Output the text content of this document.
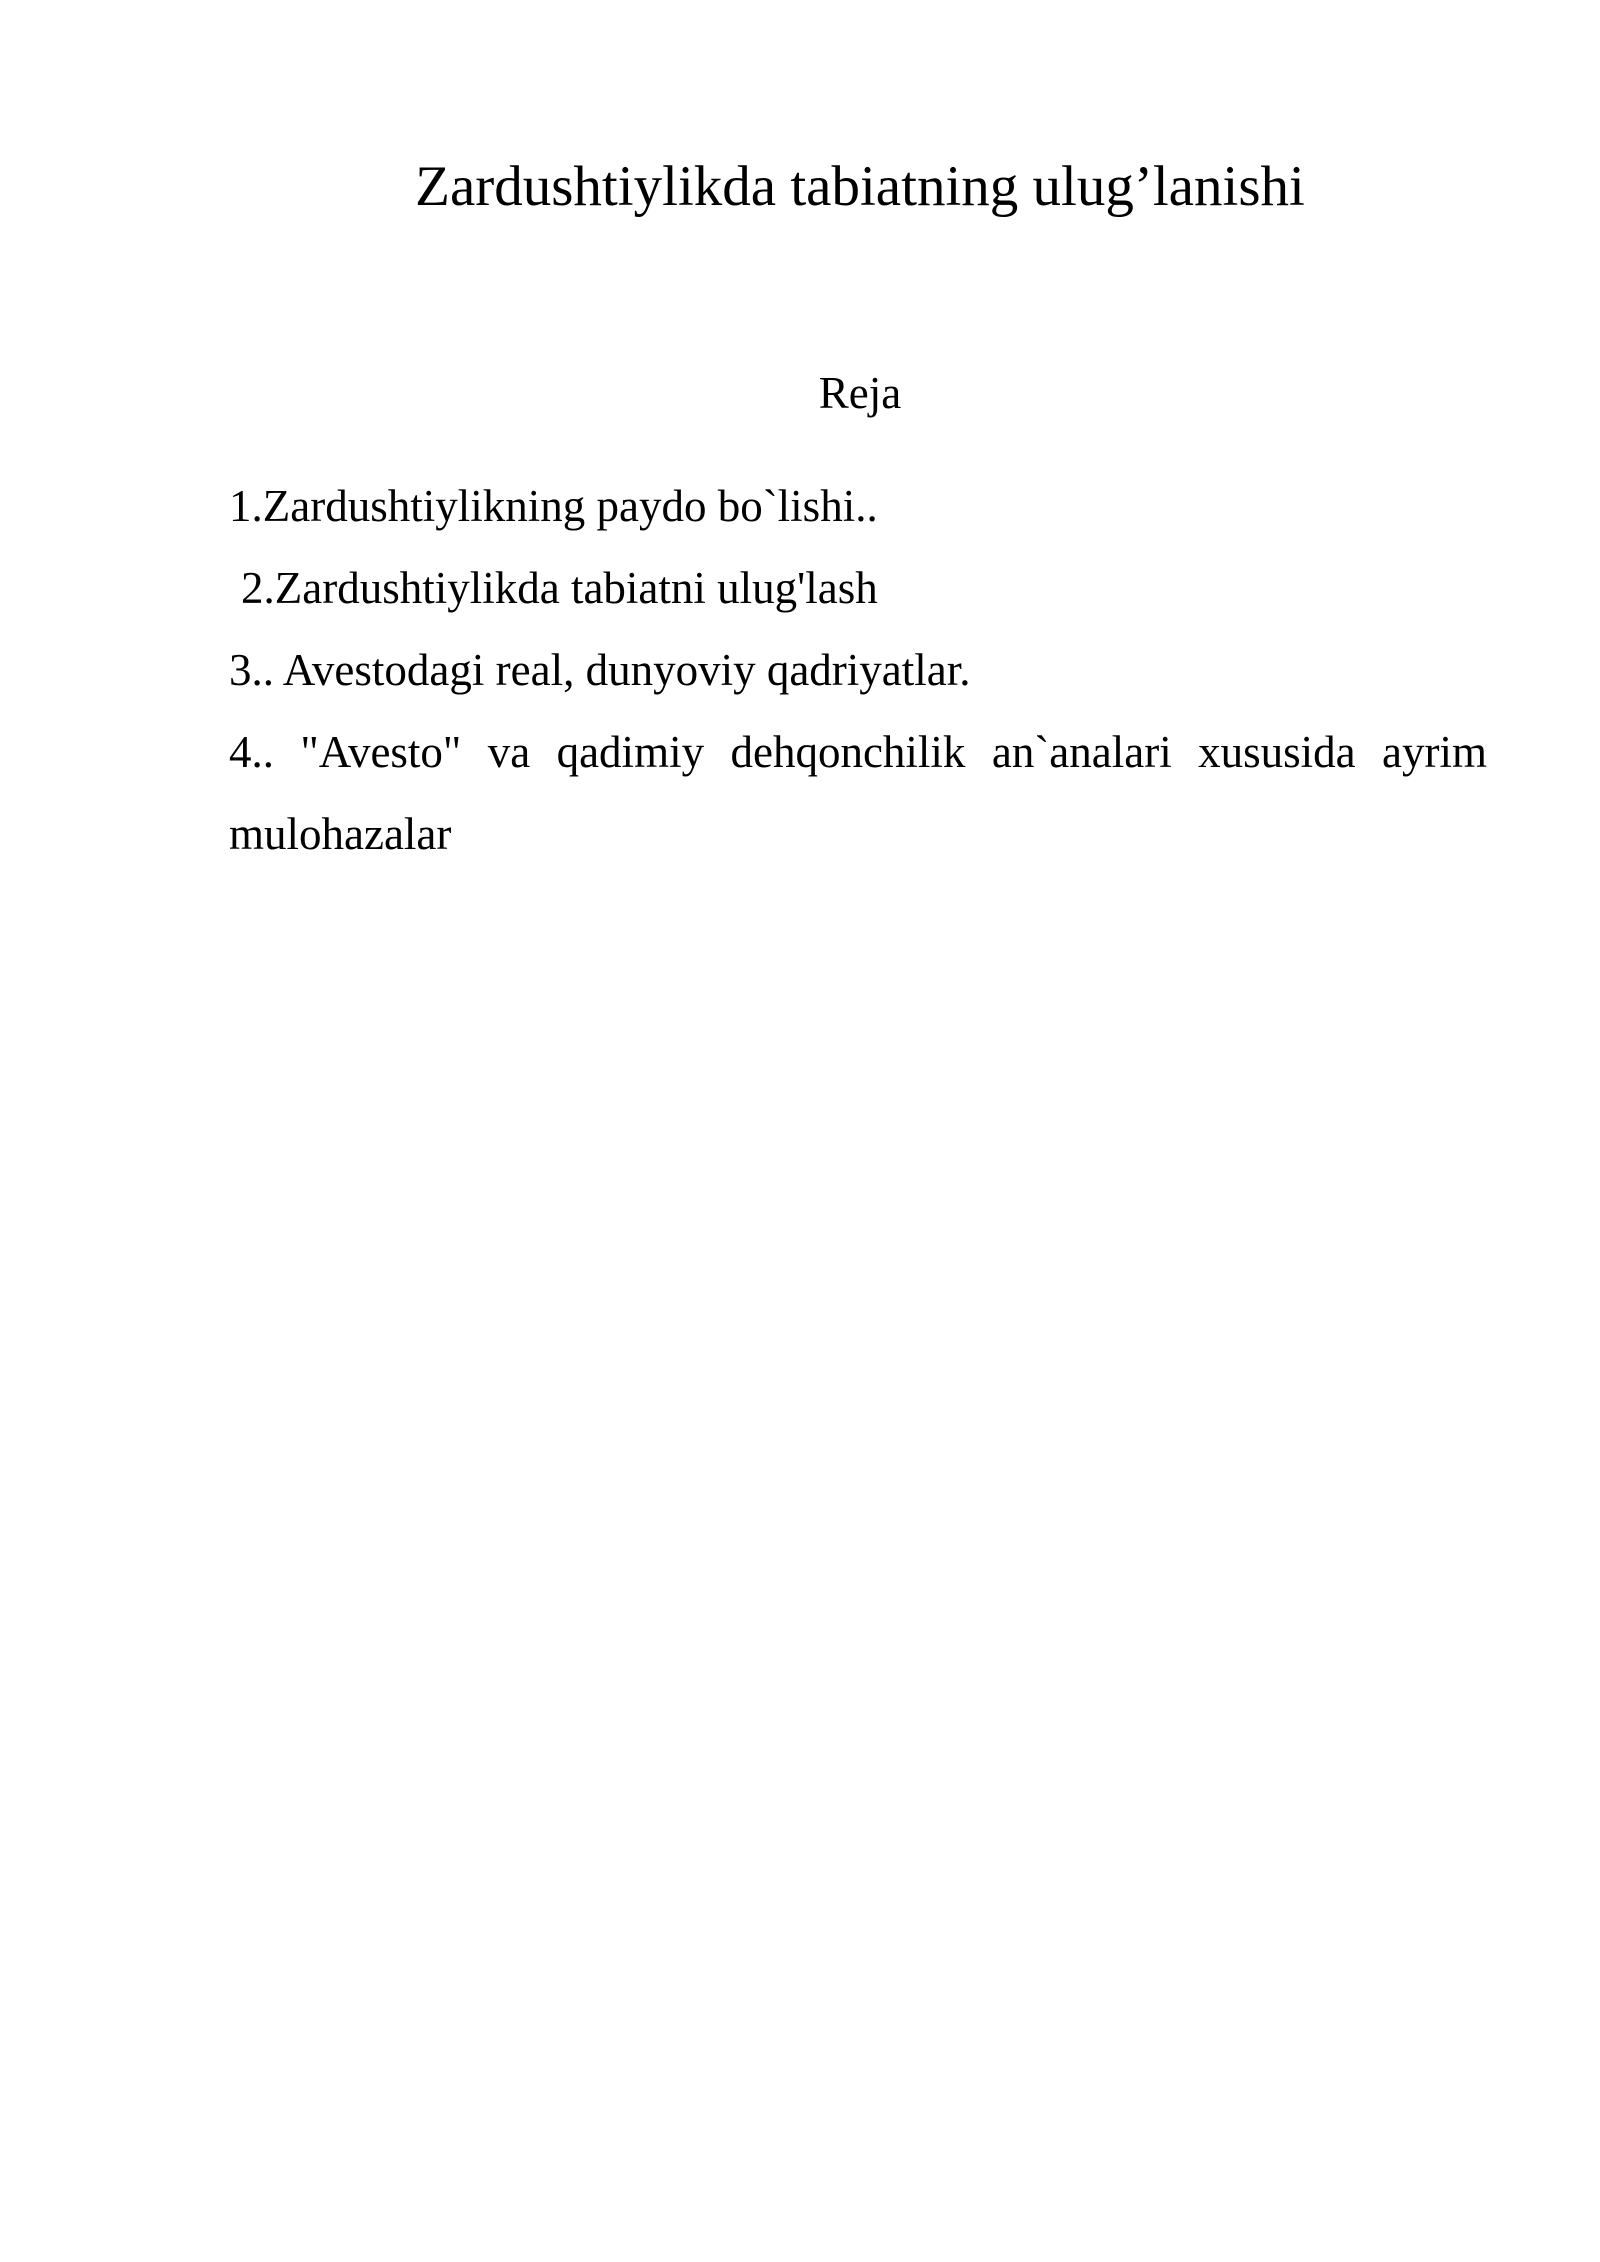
Zardushtiylikda tabiatning ulug’lanishi
Reja
1.Zardushtiylikning paydo bo`lishi..
2.Zardushtiylikda tabiatni ulug'lash
3.. Avestodagi real, dunyoviy qadriyatlar.
4.. "Avesto" va qadimiy dehqonchilik an`analari xususida ayrim mulohazalar
